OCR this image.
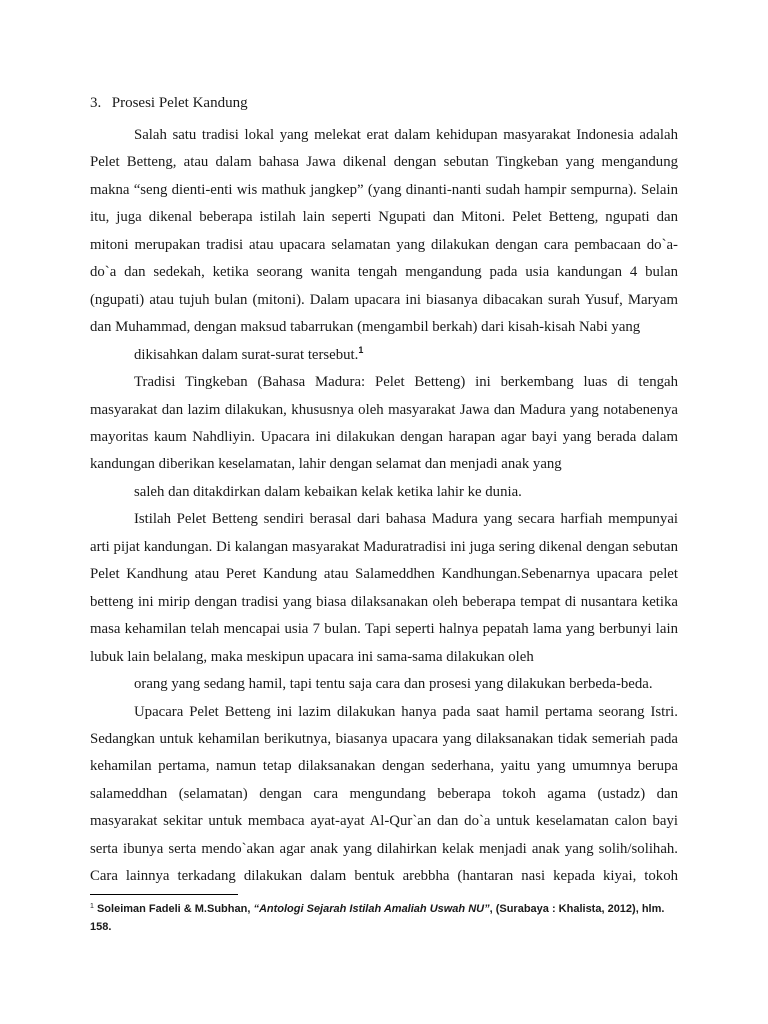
3. Prosesi Pelet Kandung

Salah satu tradisi lokal yang melekat erat dalam kehidupan masyarakat Indonesia adalah Pelet Betteng, atau dalam bahasa Jawa dikenal dengan sebutan Tingkeban yang mengandung makna “seng dienti-enti wis mathuk jangkep” (yang dinanti-nanti sudah hampir sempurna). Selain itu, juga dikenal beberapa istilah lain seperti Ngupati dan Mitoni. Pelet Betteng, ngupati dan mitoni merupakan tradisi atau upacara selamatan yang dilakukan dengan cara pembacaan do`a-do`a dan sedekah, ketika seorang wanita tengah mengandung pada usia kandungan 4 bulan (ngupati) atau tujuh bulan (mitoni). Dalam upacara ini biasanya dibacakan surah Yusuf, Maryam dan Muhammad, dengan maksud tabarrukan (mengambil berkah) dari kisah-kisah Nabi yang
dikisahkan dalam surat-surat tersebut.$^1$

Tradisi Tingkeban (Bahasa Madura: Pelet Betteng) ini berkembang luas di tengah masyarakat dan lazim dilakukan, khususnya oleh masyarakat Jawa dan Madura yang notabenenya mayoritas kaum Nahdliyin. Upacara ini dilakukan dengan harapan agar bayi yang berada dalam kandungan diberikan keselamatan, lahir dengan selamat dan menjadi anak yang
saleh dan ditakdirkan dalam kebaikan kelak ketika lahir ke dunia.

Istilah Pelet Betteng sendiri berasal dari bahasa Madura yang secara harfiah mempunyai arti pijat kandungan. Di kalangan masyarakat Maduratradisi ini juga sering dikenal dengan sebutan Pelet Kandhung atau Peret Kandung atau Salameddhen Kandhungan.Sebenarnya upacara pelet betteng ini mirip dengan tradisi yang biasa dilaksanakan oleh beberapa tempat di nusantara ketika masa kehamilan telah mencapai usia 7 bulan. Tapi seperti halnya pepatah lama yang berbunyi lain lubuk lain belalang, maka meskipun upacara ini sama-sama dilakukan oleh
orang yang sedang hamil, tapi tentu saja cara dan prosesi yang dilakukan berbeda-beda.

Upacara Pelet Betteng ini lazim dilakukan hanya pada saat hamil pertama seorang Istri. Sedangkan untuk kehamilan berikutnya, biasanya upacara yang dilaksanakan tidak semeriah pada kehamilan pertama, namun tetap dilaksanakan dengan sederhana, yaitu yang umumnya berupa salameddhan (selamatan) dengan cara mengundang beberapa tokoh agama (ustadz) dan masyarakat sekitar untuk membaca ayat-ayat Al-Qur`an dan do`a untuk keselamatan calon bayi serta ibunya serta mendo`akan agar anak yang dilahirkan kelak menjadi anak yang solih/solihah. Cara lainnya terkadang dilakukan dalam bentuk arebbha (hantaran nasi kepada kiyai, tokoh

$^1$ Soleiman Fadeli & M.Subhan, “Antologi Sejarah Istilah Amaliah Uswah NU”, (Surabaya : Khalista, 2012), hlm.
158.
